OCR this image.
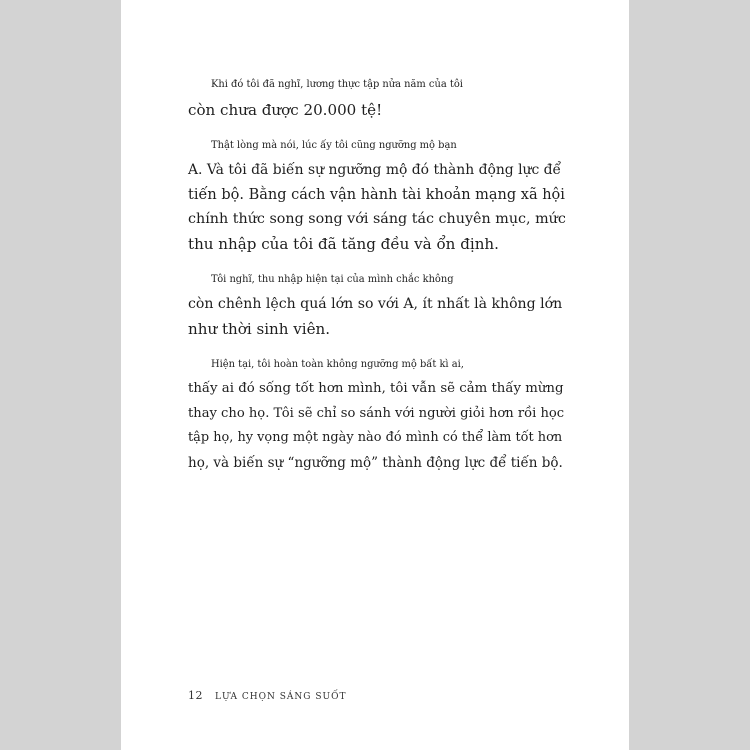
Khi đó tôi đã nghĩ, lương thực tập nửa năm của tôi
còn chưa được 20.000 tệ!

Thật lòng mà nói, lúc ấy tôi cũng ngưỡng mộ bạn
A. Và tôi đã biến sự ngưỡng mộ đó thành động lực để
tiến bộ. Bằng cách vận hành tài khoản mạng xã hội
chính thức song song với sáng tác chuyên mục, mức
thu nhập của tôi đã tăng đều và ổn định.

Tôi nghĩ, thu nhập hiện tại của mình chắc không
còn chênh lệch quá lớn so với A, ít nhất là không lớn
như thời sinh viên.

Hiện tại, tôi hoàn toàn không ngưỡng mộ bất kì ai,
thấy ai đó sống tốt hơn mình, tôi vẫn sẽ cảm thấy mừng
thay cho họ. Tôi sẽ chỉ so sánh với người giỏi hơn rồi học
tập họ, hy vọng một ngày nào đó mình có thể làm tốt hơn
họ, và biến sự “ngưỡng mộ” thành động lực để tiến bộ.

12 LỰA CHỌN SÁNG SUỐT
